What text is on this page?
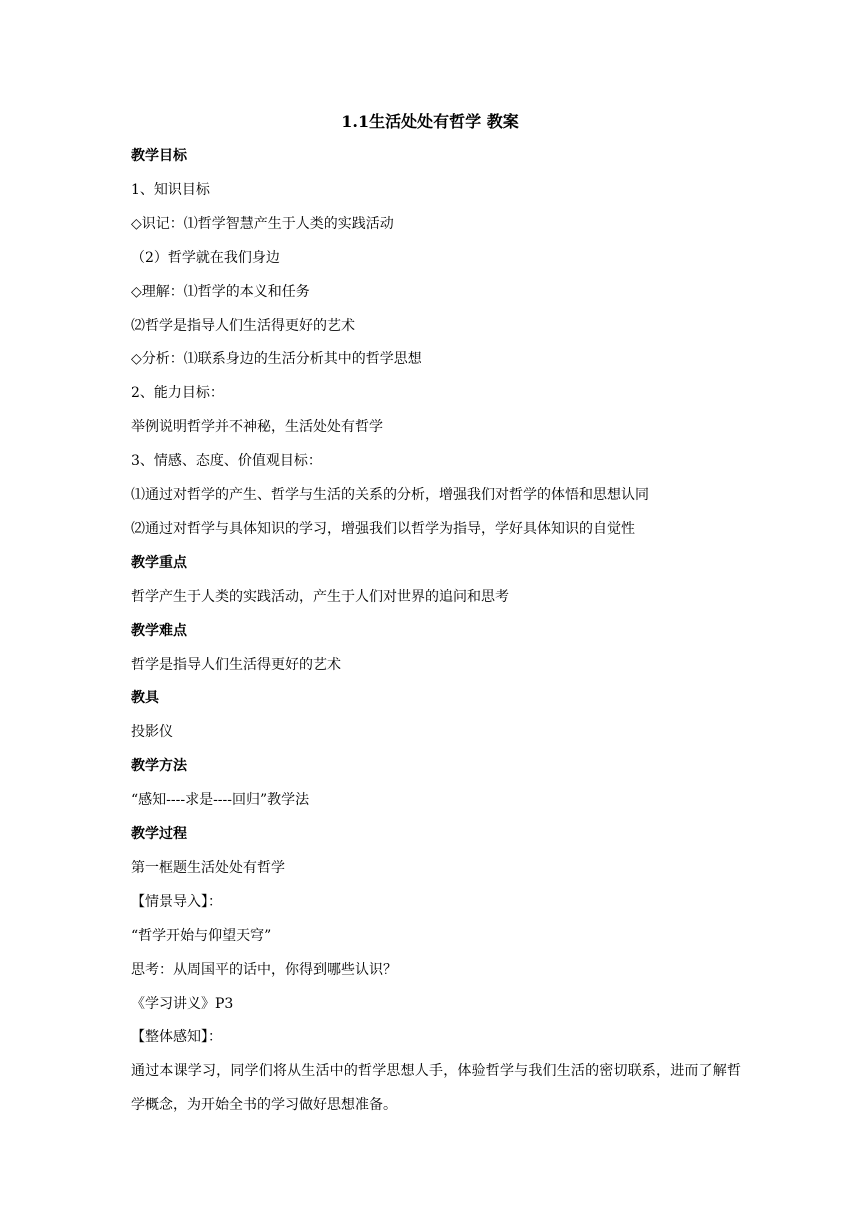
1.1生活处处有哲学 教案
教学目标
1、知识目标
◇识记：⑴哲学智慧产生于人类的实践活动
（2）哲学就在我们身边
◇理解：⑴哲学的本义和任务
⑵哲学是指导人们生活得更好的艺术
◇分析：⑴联系身边的生活分析其中的哲学思想
2、能力目标：
举例说明哲学并不神秘，生活处处有哲学
3、情感、态度、价值观目标：
⑴通过对哲学的产生、哲学与生活的关系的分析，增强我们对哲学的体悟和思想认同
⑵通过对哲学与具体知识的学习，增强我们以哲学为指导，学好具体知识的自觉性
教学重点
哲学产生于人类的实践活动，产生于人们对世界的追问和思考
教学难点
哲学是指导人们生活得更好的艺术
教具
投影仪
教学方法
“感知----求是----回归”教学法
教学过程
第一框题生活处处有哲学
【情景导入】：
“哲学开始与仰望天穹”
思考：从周国平的话中，你得到哪些认识？
《学习讲义》P3
【整体感知】：
通过本课学习，同学们将从生活中的哲学思想人手，体验哲学与我们生活的密切联系，进而了解哲学概念，为开始全书的学习做好思想准备。
